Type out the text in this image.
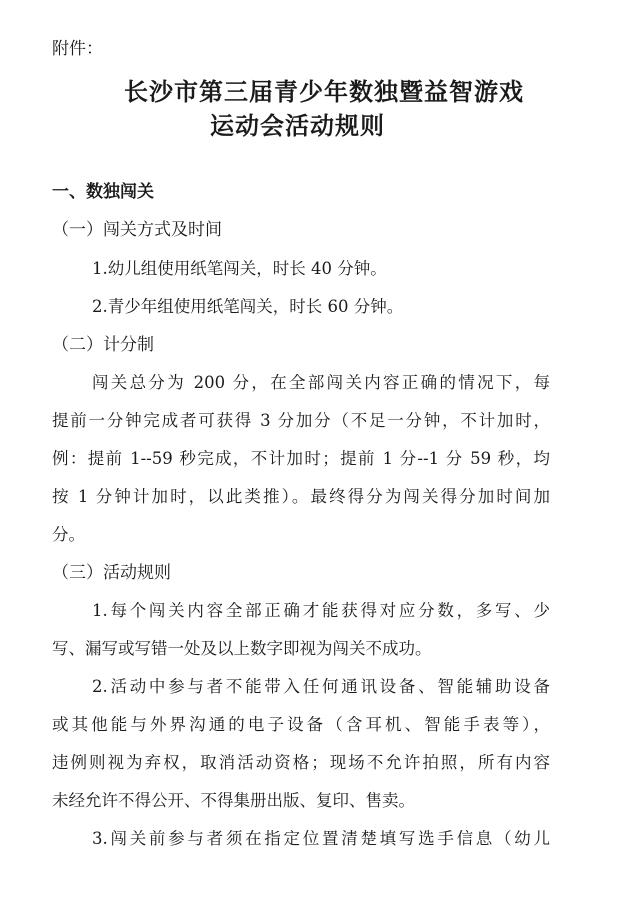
附件：
长沙市第三届青少年数独暨益智游戏
运动会活动规则
一、数独闯关
（一）闯关方式及时间
1.幼儿组使用纸笔闯关，时长 40 分钟。
2.青少年组使用纸笔闯关，时长 60 分钟。
（二）计分制
闯关总分为 200 分，在全部闯关内容正确的情况下，每
提前一分钟完成者可获得 3 分加分（不足一分钟，不计加时，
例：提前 1--59 秒完成，不计加时；提前 1 分--1 分 59 秒，均
按 1 分钟计加时，以此类推）。最终得分为闯关得分加时间加
分。
（三）活动规则
1.每个闯关内容全部正确才能获得对应分数，多写、少
写、漏写或写错一处及以上数字即视为闯关不成功。
2.活动中参与者不能带入任何通讯设备、智能辅助设备
或其他能与外界沟通的电子设备（含耳机、智能手表等），
违例则视为弃权，取消活动资格；现场不允许拍照，所有内容
未经允许不得公开、不得集册出版、复印、售卖。
3.闯关前参与者须在指定位置清楚填写选手信息（幼儿
